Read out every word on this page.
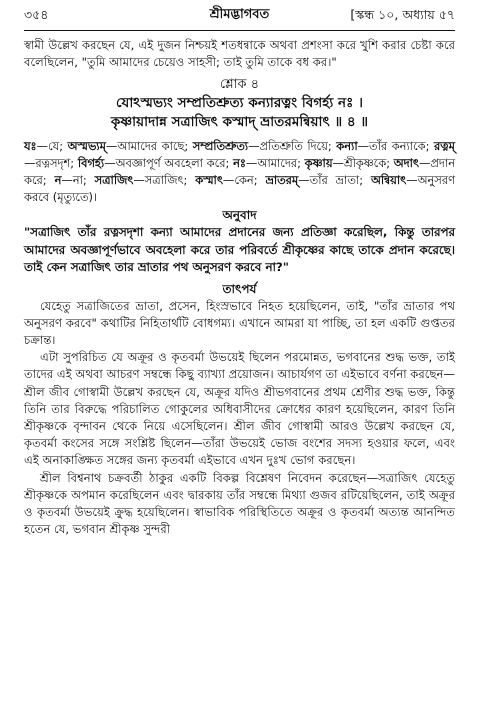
৩৫৪	শ্রীমদ্ভাগবত	[স্কন্ধ ১০, অধ্যায় ৫৭

স্বামী উল্লেখ করছেন যে, এই দুজন নিশ্চয়ই শতধন্বাকে অথবা প্রশংসা করে খুশি করার চেষ্টা করে বলেছিলেন, "তুমি আমাদের চেয়েও সাহসী; তাই তুমি তাকে বধ কর।"

শ্লোক ৪
যোঽস্মভ্যং সম্প্রতিশ্রুত্য কন্যারত্নং বিগর্হ্য নঃ ।
কৃষ্ণায়াদান্ন সত্রাজিৎ কস্মাদ্ ভ্রাতরমন্বিয়াৎ ॥ ৪ ॥

যঃ—যে; অস্মভ্যম্—আমাদের কাছে; সম্প্রতিশ্রুত্য—প্রতিশ্রুতি দিয়ে; কন্যা—তাঁর কন্যাকে; রত্নম্—রত্নসদৃশ; বিগর্হ্য—অবজ্ঞাপূর্ণ অবহেলা করে; নঃ—আমাদের; কৃষ্ণায়—শ্রীকৃষ্ণকে; অদাৎ—প্রদান করে; ন—না; সত্রাজিৎ—সত্রাজিৎ; কস্মাৎ—কেন; ভ্রাতরম্—তাঁর ভ্রাতা; অন্বিয়াৎ—অনুসরণ করবে (মৃত্যুতে)।

অনুবাদ

"সত্রাজিৎ তাঁর রত্নসদৃশা কন্যা আমাদের প্রদানের জন্য প্রতিজ্ঞা করেছিল, কিন্তু তারপর আমাদের অবজ্ঞাপূর্ণভাবে অবহেলা করে তার পরিবর্তে শ্রীকৃষ্ণের কাছে তাকে প্রদান করেছে। তাই কেন সত্রাজিৎ তার ভ্রাতার পথ অনুসরণ করবে না?"

তাৎপর্য

যেহেতু সত্রাজিতের ভ্রাতা, প্রসেন, হিংস্রভাবে নিহত হয়েছিলেন, তাই, "তাঁর ভ্রাতার পথ অনুসরণ করবে" কথাটির নিহিতার্থটি বোধগম্য। এখানে আমরা যা পাচ্ছি, তা হল একটি গুপ্ততর চক্রান্ত।

এটা সুপরিচিত যে অক্রূর ও কৃতবর্মা উভয়েই ছিলেন পরমোন্নত, ভগবানের শুদ্ধ ভক্ত, তাই তাদের এই অথবা আচরণ সম্বন্ধে কিছু ব্যাখ্যা প্রয়োজন। আচার্যগণ তা এইভাবে বর্ণনা করছেন—শ্রীল জীব গোস্বামী উল্লেখ করছেন যে, অক্রূর যদিও শ্রীভগবানের প্রথম শ্রেণীর শুদ্ধ ভক্ত, কিন্তু তিনি তার বিরুদ্ধে পরিচালিত গোকুলের অধিবাসীদের ক্রোধের কারণ হয়েছিলেন, কারণ তিনি শ্রীকৃষ্ণকে বৃন্দাবন থেকে নিয়ে এসেছিলেন। শ্রীল জীব গোস্বামী আরও উল্লেখ করছেন যে, কৃতবর্মা কংসের সঙ্গে সংশ্লিষ্ট ছিলেন—তাঁরা উভয়েই ভোজ বংশের সদস্য হওয়ার ফলে, এবং এই অনাকাঙ্ক্ষিত সঙ্গের জন্য কৃতবর্মা এইভাবে এখন দুঃখ ভোগ করছেন।

শ্রীল বিশ্বনাথ চক্রবর্তী ঠাকুর একটি বিকল্প বিশ্লেষণ নিবেদন করেছেন—সত্রাজিৎ যেহেতু শ্রীকৃষ্ণকে অপমান করেছিলেন এবং দ্বারকায় তাঁর সম্বন্ধে মিথ্যা গুজব রটিয়েছিলেন, তাই অক্রূর ও কৃতবর্মা উভয়েই ক্রুদ্ধ হয়েছিলেন। স্বাভাবিক পরিস্থিতিতে অক্রূর ও কৃতবর্মা অত্যন্ত আনন্দিত হতেন যে, ভগবান শ্রীকৃষ্ণ সুন্দরী
